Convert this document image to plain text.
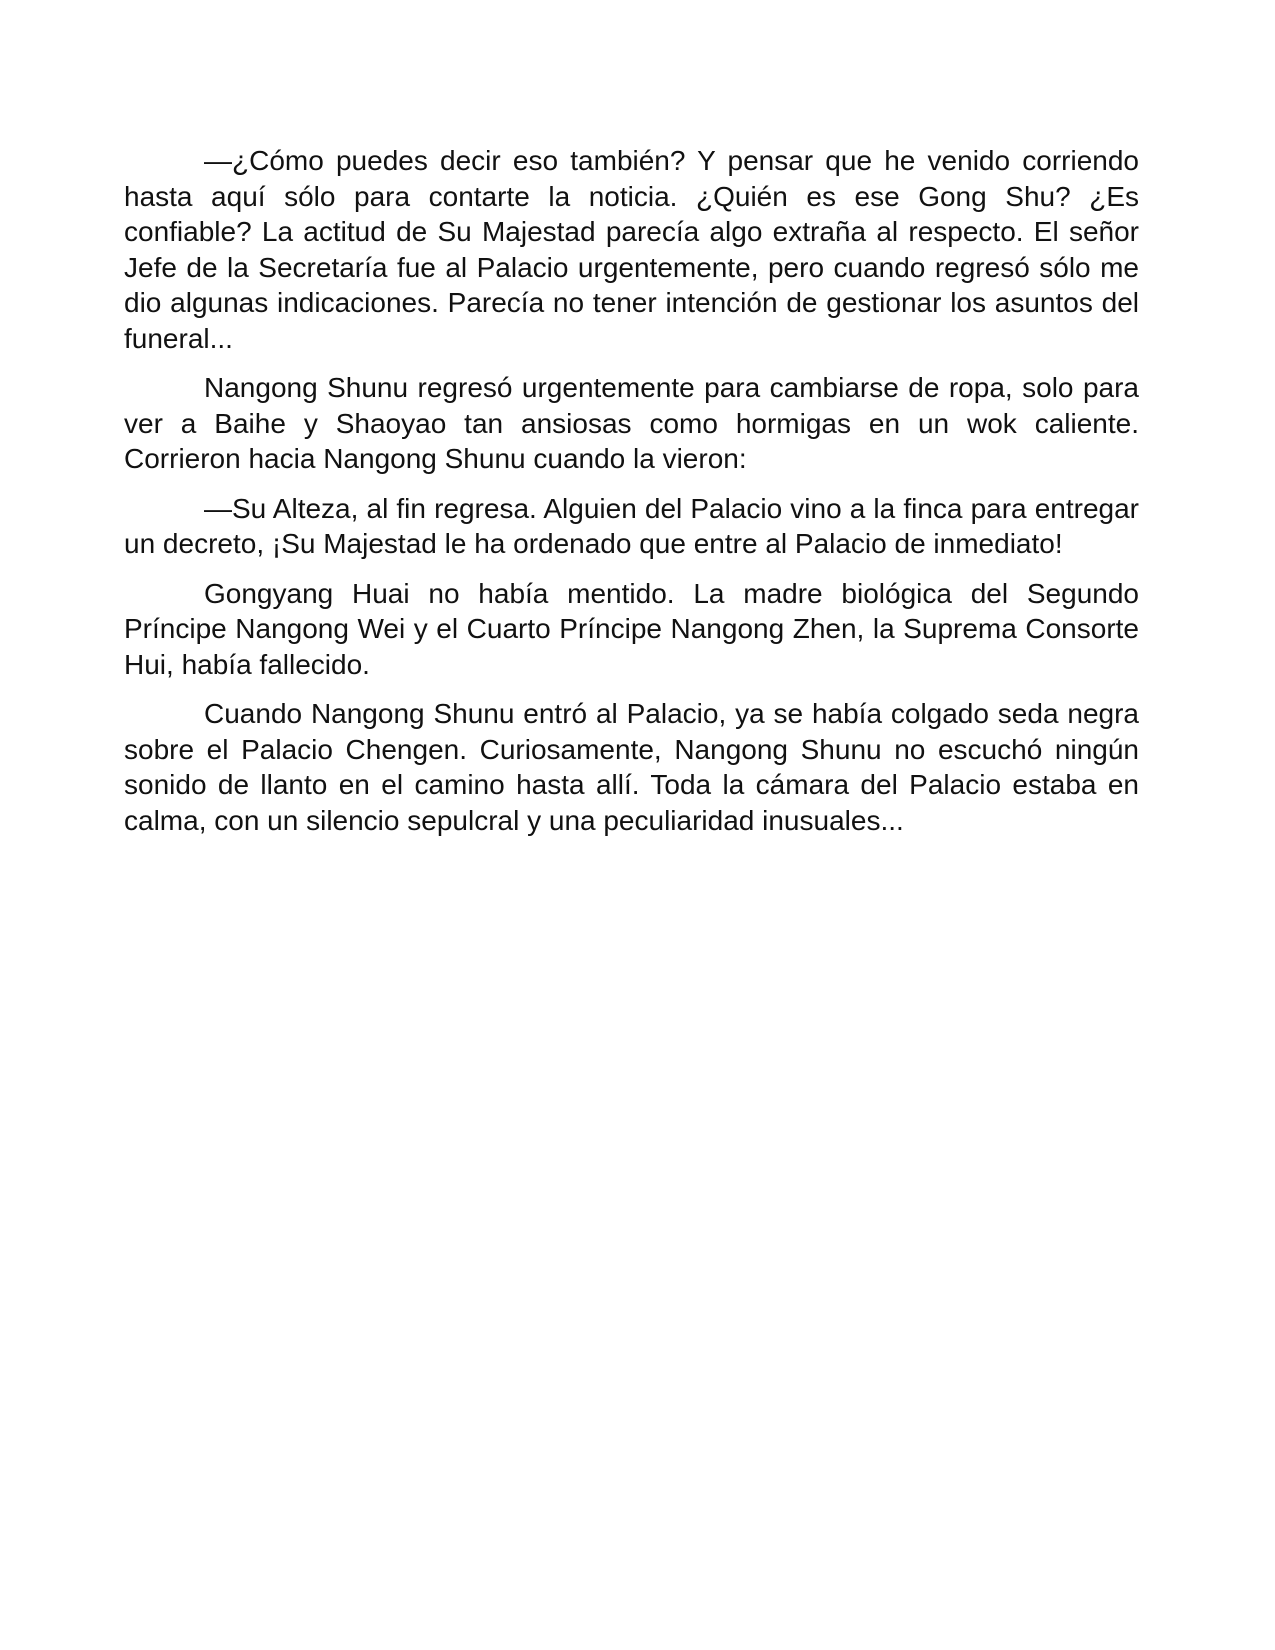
—¿Cómo puedes decir eso también? Y pensar que he venido corriendo hasta aquí sólo para contarte la noticia. ¿Quién es ese Gong Shu? ¿Es confiable? La actitud de Su Majestad parecía algo extraña al respecto. El señor Jefe de la Secretaría fue al Palacio urgentemente, pero cuando regresó sólo me dio algunas indicaciones. Parecía no tener intención de gestionar los asuntos del funeral...

Nangong Shunu regresó urgentemente para cambiarse de ropa, solo para ver a Baihe y Shaoyao tan ansiosas como hormigas en un wok caliente. Corrieron hacia Nangong Shunu cuando la vieron:

—Su Alteza, al fin regresa. Alguien del Palacio vino a la finca para entregar un decreto, ¡Su Majestad le ha ordenado que entre al Palacio de inmediato!

Gongyang Huai no había mentido. La madre biológica del Segundo Príncipe Nangong Wei y el Cuarto Príncipe Nangong Zhen, la Suprema Consorte Hui, había fallecido.

Cuando Nangong Shunu entró al Palacio, ya se había colgado seda negra sobre el Palacio Chengen. Curiosamente, Nangong Shunu no escuchó ningún sonido de llanto en el camino hasta allí. Toda la cámara del Palacio estaba en calma, con un silencio sepulcral y una peculiaridad inusuales...
